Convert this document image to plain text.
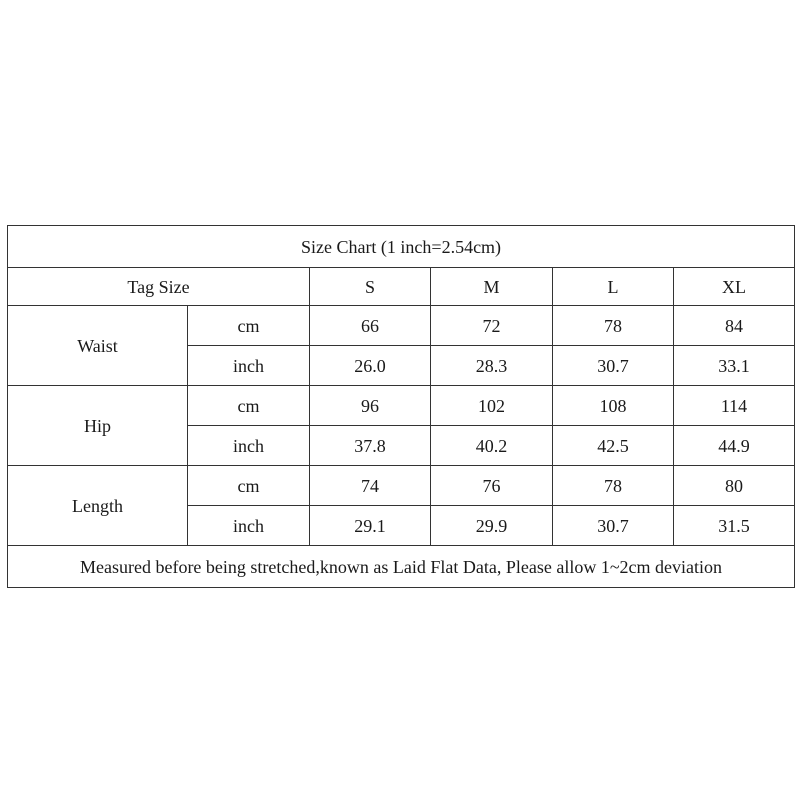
Size Chart (1 inch=2.54cm)					
Tag Size		S	M	L	XL
Waist	cm	66	72	78	84
	inch	26.0	28.3	30.7	33.1
Hip	cm	96	102	108	114
	inch	37.8	40.2	42.5	44.9
Length	cm	74	76	78	80
	inch	29.1	29.9	30.7	31.5
Measured before being stretched,known as Laid Flat Data, Please allow 1~2cm deviation					
